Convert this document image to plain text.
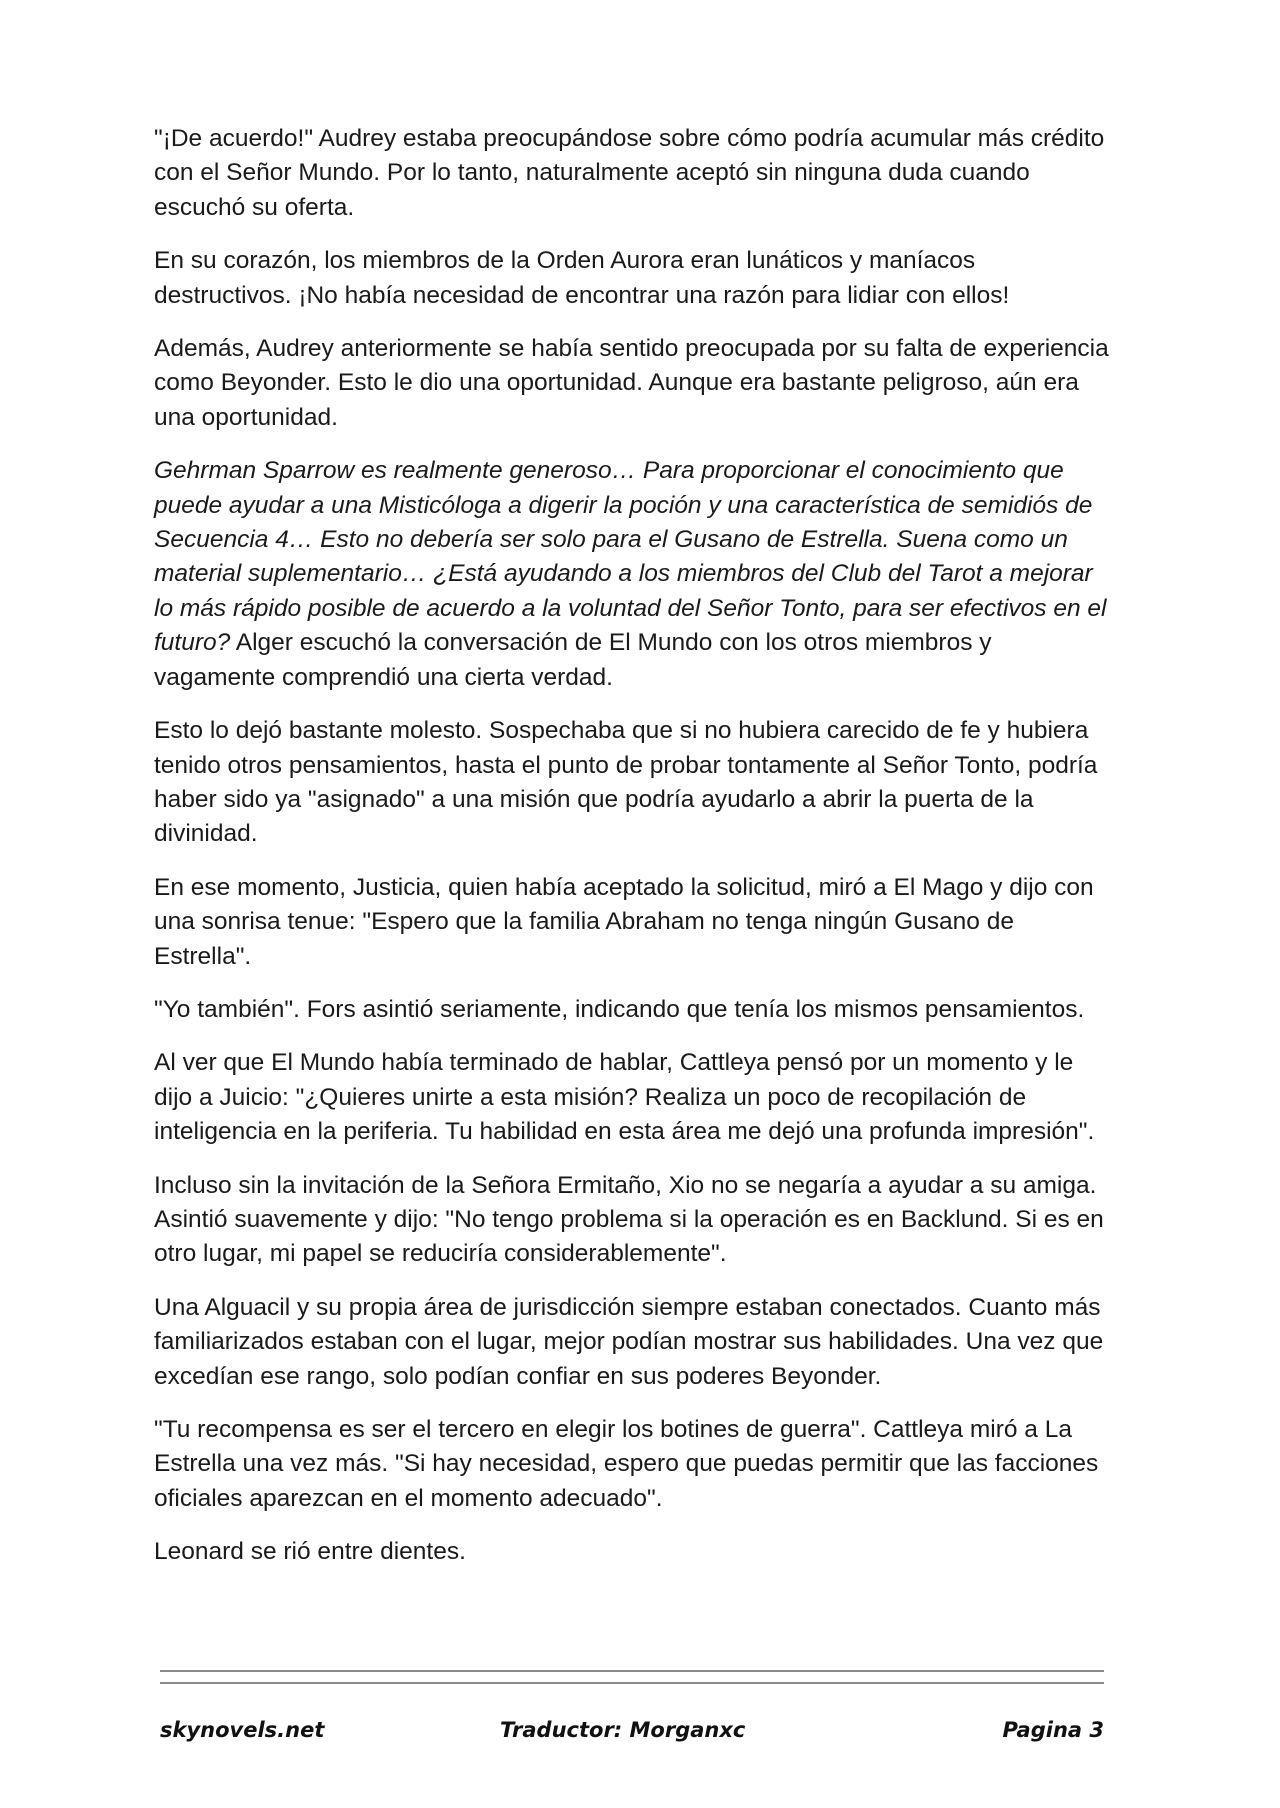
"¡De acuerdo!" Audrey estaba preocupándose sobre cómo podría acumular más crédito con el Señor Mundo. Por lo tanto, naturalmente aceptó sin ninguna duda cuando escuchó su oferta.

En su corazón, los miembros de la Orden Aurora eran lunáticos y maníacos destructivos. ¡No había necesidad de encontrar una razón para lidiar con ellos!

Además, Audrey anteriormente se había sentido preocupada por su falta de experiencia como Beyonder. Esto le dio una oportunidad. Aunque era bastante peligroso, aún era una oportunidad.

Gehrman Sparrow es realmente generoso… Para proporcionar el conocimiento que puede ayudar a una Misticóloga a digerir la poción y una característica de semidiós de Secuencia 4… Esto no debería ser solo para el Gusano de Estrella. Suena como un material suplementario… ¿Está ayudando a los miembros del Club del Tarot a mejorar lo más rápido posible de acuerdo a la voluntad del Señor Tonto, para ser efectivos en el futuro? Alger escuchó la conversación de El Mundo con los otros miembros y vagamente comprendió una cierta verdad.

Esto lo dejó bastante molesto. Sospechaba que si no hubiera carecido de fe y hubiera tenido otros pensamientos, hasta el punto de probar tontamente al Señor Tonto, podría haber sido ya "asignado" a una misión que podría ayudarlo a abrir la puerta de la divinidad.

En ese momento, Justicia, quien había aceptado la solicitud, miró a El Mago y dijo con una sonrisa tenue: "Espero que la familia Abraham no tenga ningún Gusano de Estrella".

"Yo también". Fors asintió seriamente, indicando que tenía los mismos pensamientos.

Al ver que El Mundo había terminado de hablar, Cattleya pensó por un momento y le dijo a Juicio: "¿Quieres unirte a esta misión? Realiza un poco de recopilación de inteligencia en la periferia. Tu habilidad en esta área me dejó una profunda impresión".

Incluso sin la invitación de la Señora Ermitaño, Xio no se negaría a ayudar a su amiga. Asintió suavemente y dijo: "No tengo problema si la operación es en Backlund. Si es en otro lugar, mi papel se reduciría considerablemente".

Una Alguacil y su propia área de jurisdicción siempre estaban conectados. Cuanto más familiarizados estaban con el lugar, mejor podían mostrar sus habilidades. Una vez que excedían ese rango, solo podían confiar en sus poderes Beyonder.

"Tu recompensa es ser el tercero en elegir los botines de guerra". Cattleya miró a La Estrella una vez más. "Si hay necesidad, espero que puedas permitir que las facciones oficiales aparezcan en el momento adecuado".

Leonard se rió entre dientes.

skynovels.net	Traductor: Morganxc	Pagina 3
